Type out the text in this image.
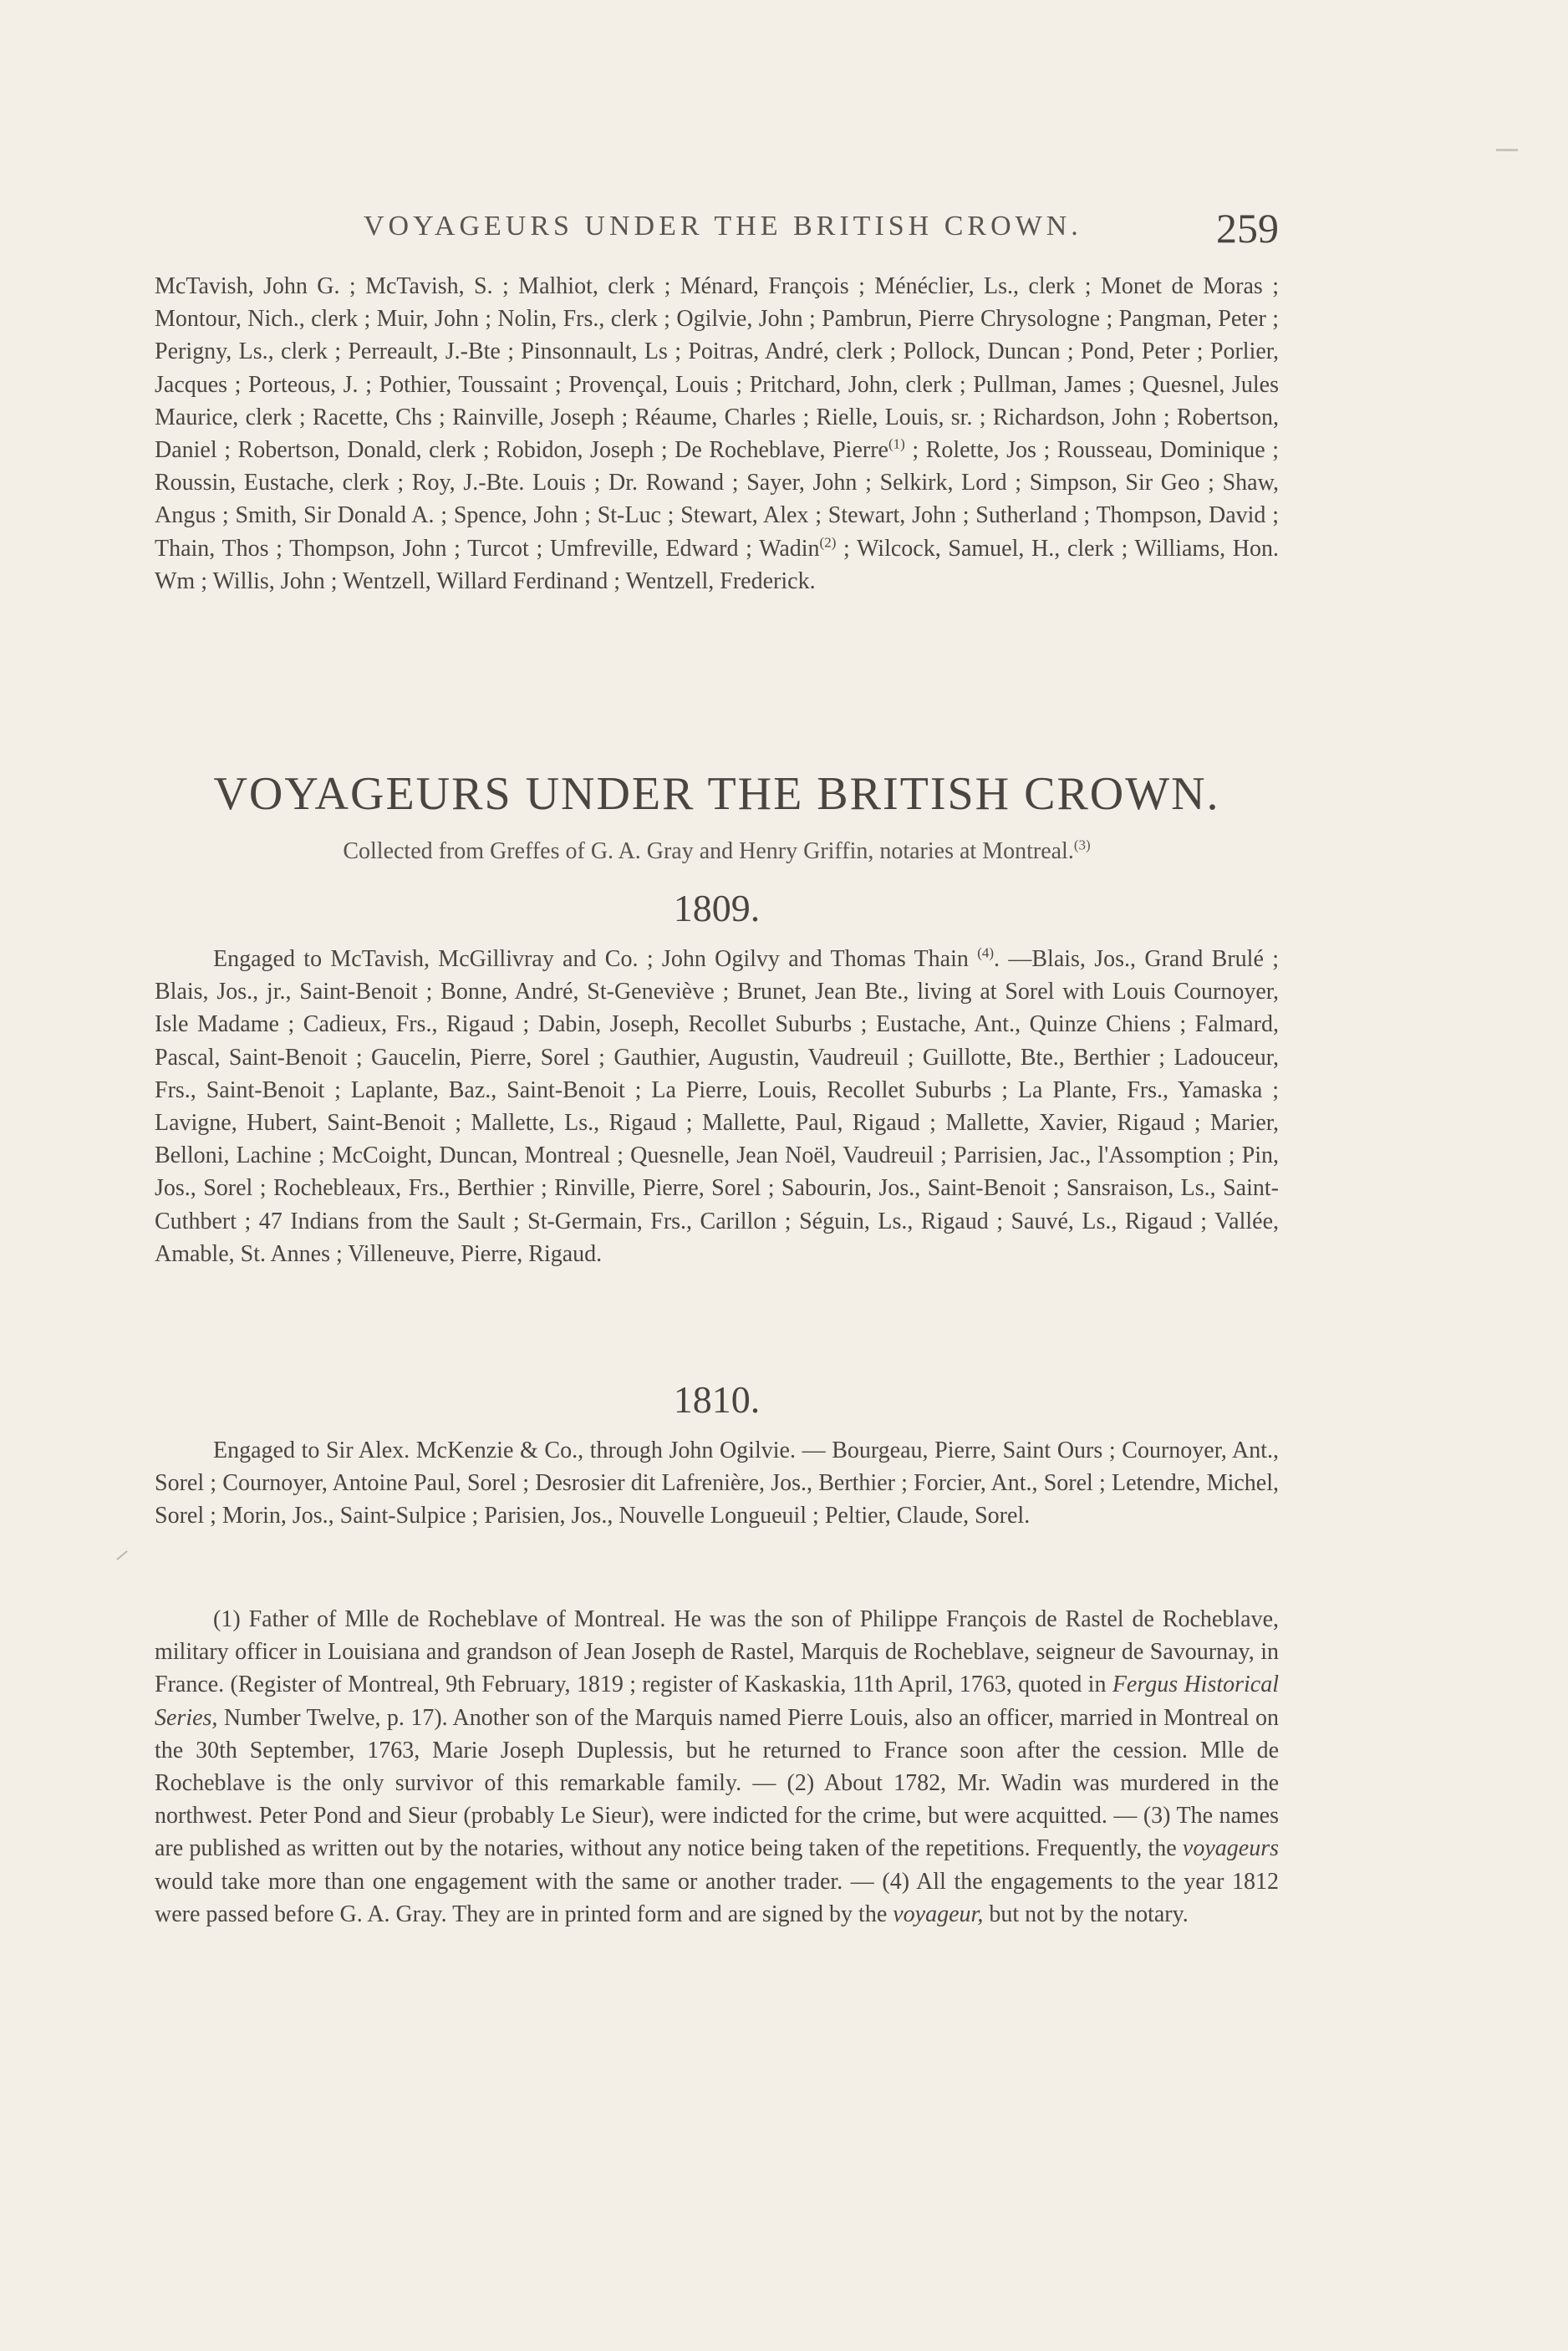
VOYAGEURS UNDER THE BRITISH CROWN.	259

McTavish, John G. ; McTavish, S. ; Malhiot, clerk ; Ménard, François ; Ménéclier, Ls., clerk ; Monet de Moras ; Montour, Nich., clerk ; Muir, John ; Nolin, Frs., clerk ; Ogilvie, John ; Pambrun, Pierre Chrysologne ; Pangman, Peter ; Perigny, Ls., clerk ; Perreault, J.-Bte ; Pinsonnault, Ls ; Poitras, André, clerk ; Pollock, Duncan ; Pond, Peter ; Porlier, Jacques ; Porteous, J. ; Pothier, Toussaint ; Provençal, Louis ; Pritchard, John, clerk ; Pullman, James ; Quesnel, Jules Maurice, clerk ; Racette, Chs ; Rainville, Joseph ; Réaume, Charles ; Rielle, Louis, sr. ; Richardson, John ; Robertson, Daniel ; Robertson, Donald, clerk ; Robidon, Joseph ; De Rocheblave, Pierre$^{(1)}$ ; Rolette, Jos ; Rousseau, Dominique ; Roussin, Eustache, clerk ; Roy, J.-Bte. Louis ; Dr. Rowand ; Sayer, John ; Selkirk, Lord ; Simpson, Sir Geo ; Shaw, Angus ; Smith, Sir Donald A. ; Spence, John ; St-Luc ; Stewart, Alex ; Stewart, John ; Sutherland ; Thompson, David ; Thain, Thos ; Thompson, John ; Turcot ; Umfreville, Edward ; Wadin$^{(2)}$ ; Wilcock, Samuel, H., clerk ; Williams, Hon. Wm ; Willis, John ; Wentzell, Willard Ferdinand ; Wentzell, Frederick.

VOYAGEURS UNDER THE BRITISH CROWN.
Collected from Greffes of G. A. Gray and Henry Griffin, notaries at Montreal.$^{(3)}$
1809.

Engaged to McTavish, McGillivray and Co. ; John Ogilvy and Thomas Thain $^{(4)}$. —Blais, Jos., Grand Brulé ; Blais, Jos., jr., Saint-Benoit ; Bonne, André, St-Geneviève ; Brunet, Jean Bte., living at Sorel with Louis Cournoyer, Isle Madame ; Cadieux, Frs., Rigaud ; Dabin, Joseph, Recollet Suburbs ; Eustache, Ant., Quinze Chiens ; Falmard, Pascal, Saint-Benoit ; Gaucelin, Pierre, Sorel ; Gauthier, Augustin, Vaudreuil ; Guillotte, Bte., Berthier ; Ladouceur, Frs., Saint-Benoit ; Laplante, Baz., Saint-Benoit ; La Pierre, Louis, Recollet Suburbs ; La Plante, Frs., Yamaska ; Lavigne, Hubert, Saint-Benoit ; Mallette, Ls., Rigaud ; Mallette, Paul, Rigaud ; Mallette, Xavier, Rigaud ; Marier, Belloni, Lachine ; McCoight, Duncan, Montreal ; Quesnelle, Jean Noël, Vaudreuil ; Parrisien, Jac., l'Assomption ; Pin, Jos., Sorel ; Rochebleaux, Frs., Berthier ; Rinville, Pierre, Sorel ; Sabourin, Jos., Saint-Benoit ; Sansraison, Ls., Saint-Cuthbert ; 47 Indians from the Sault ; St-Germain, Frs., Carillon ; Séguin, Ls., Rigaud ; Sauvé, Ls., Rigaud ; Vallée, Amable, St. Annes ; Villeneuve, Pierre, Rigaud.

1810.

Engaged to Sir Alex. McKenzie & Co., through John Ogilvie. — Bourgeau, Pierre, Saint Ours ; Cournoyer, Ant., Sorel ; Cournoyer, Antoine Paul, Sorel ; Desrosier dit Lafrenière, Jos., Berthier ; Forcier, Ant., Sorel ; Letendre, Michel, Sorel ; Morin, Jos., Saint-Sulpice ; Parisien, Jos., Nouvelle Longueuil ; Peltier, Claude, Sorel.

(1) Father of Mlle de Rocheblave of Montreal. He was the son of Philippe François de Rastel de Rocheblave, military officer in Louisiana and grandson of Jean Joseph de Rastel, Marquis de Rocheblave, seigneur de Savournay, in France. (Register of Montreal, 9th February, 1819 ; register of Kaskaskia, 11th April, 1763, quoted in Fergus Historical Series, Number Twelve, p. 17). Another son of the Marquis named Pierre Louis, also an officer, married in Montreal on the 30th September, 1763, Marie Joseph Duplessis, but he returned to France soon after the cession. Mlle de Rocheblave is the only survivor of this remarkable family. — (2) About 1782, Mr. Wadin was murdered in the northwest. Peter Pond and Sieur (probably Le Sieur), were indicted for the crime, but were acquitted. — (3) The names are published as written out by the notaries, without any notice being taken of the repetitions. Frequently, the voyageurs would take more than one engagement with the same or another trader. — (4) All the engagements to the year 1812 were passed before G. A. Gray. They are in printed form and are signed by the voyageur, but not by the notary.
